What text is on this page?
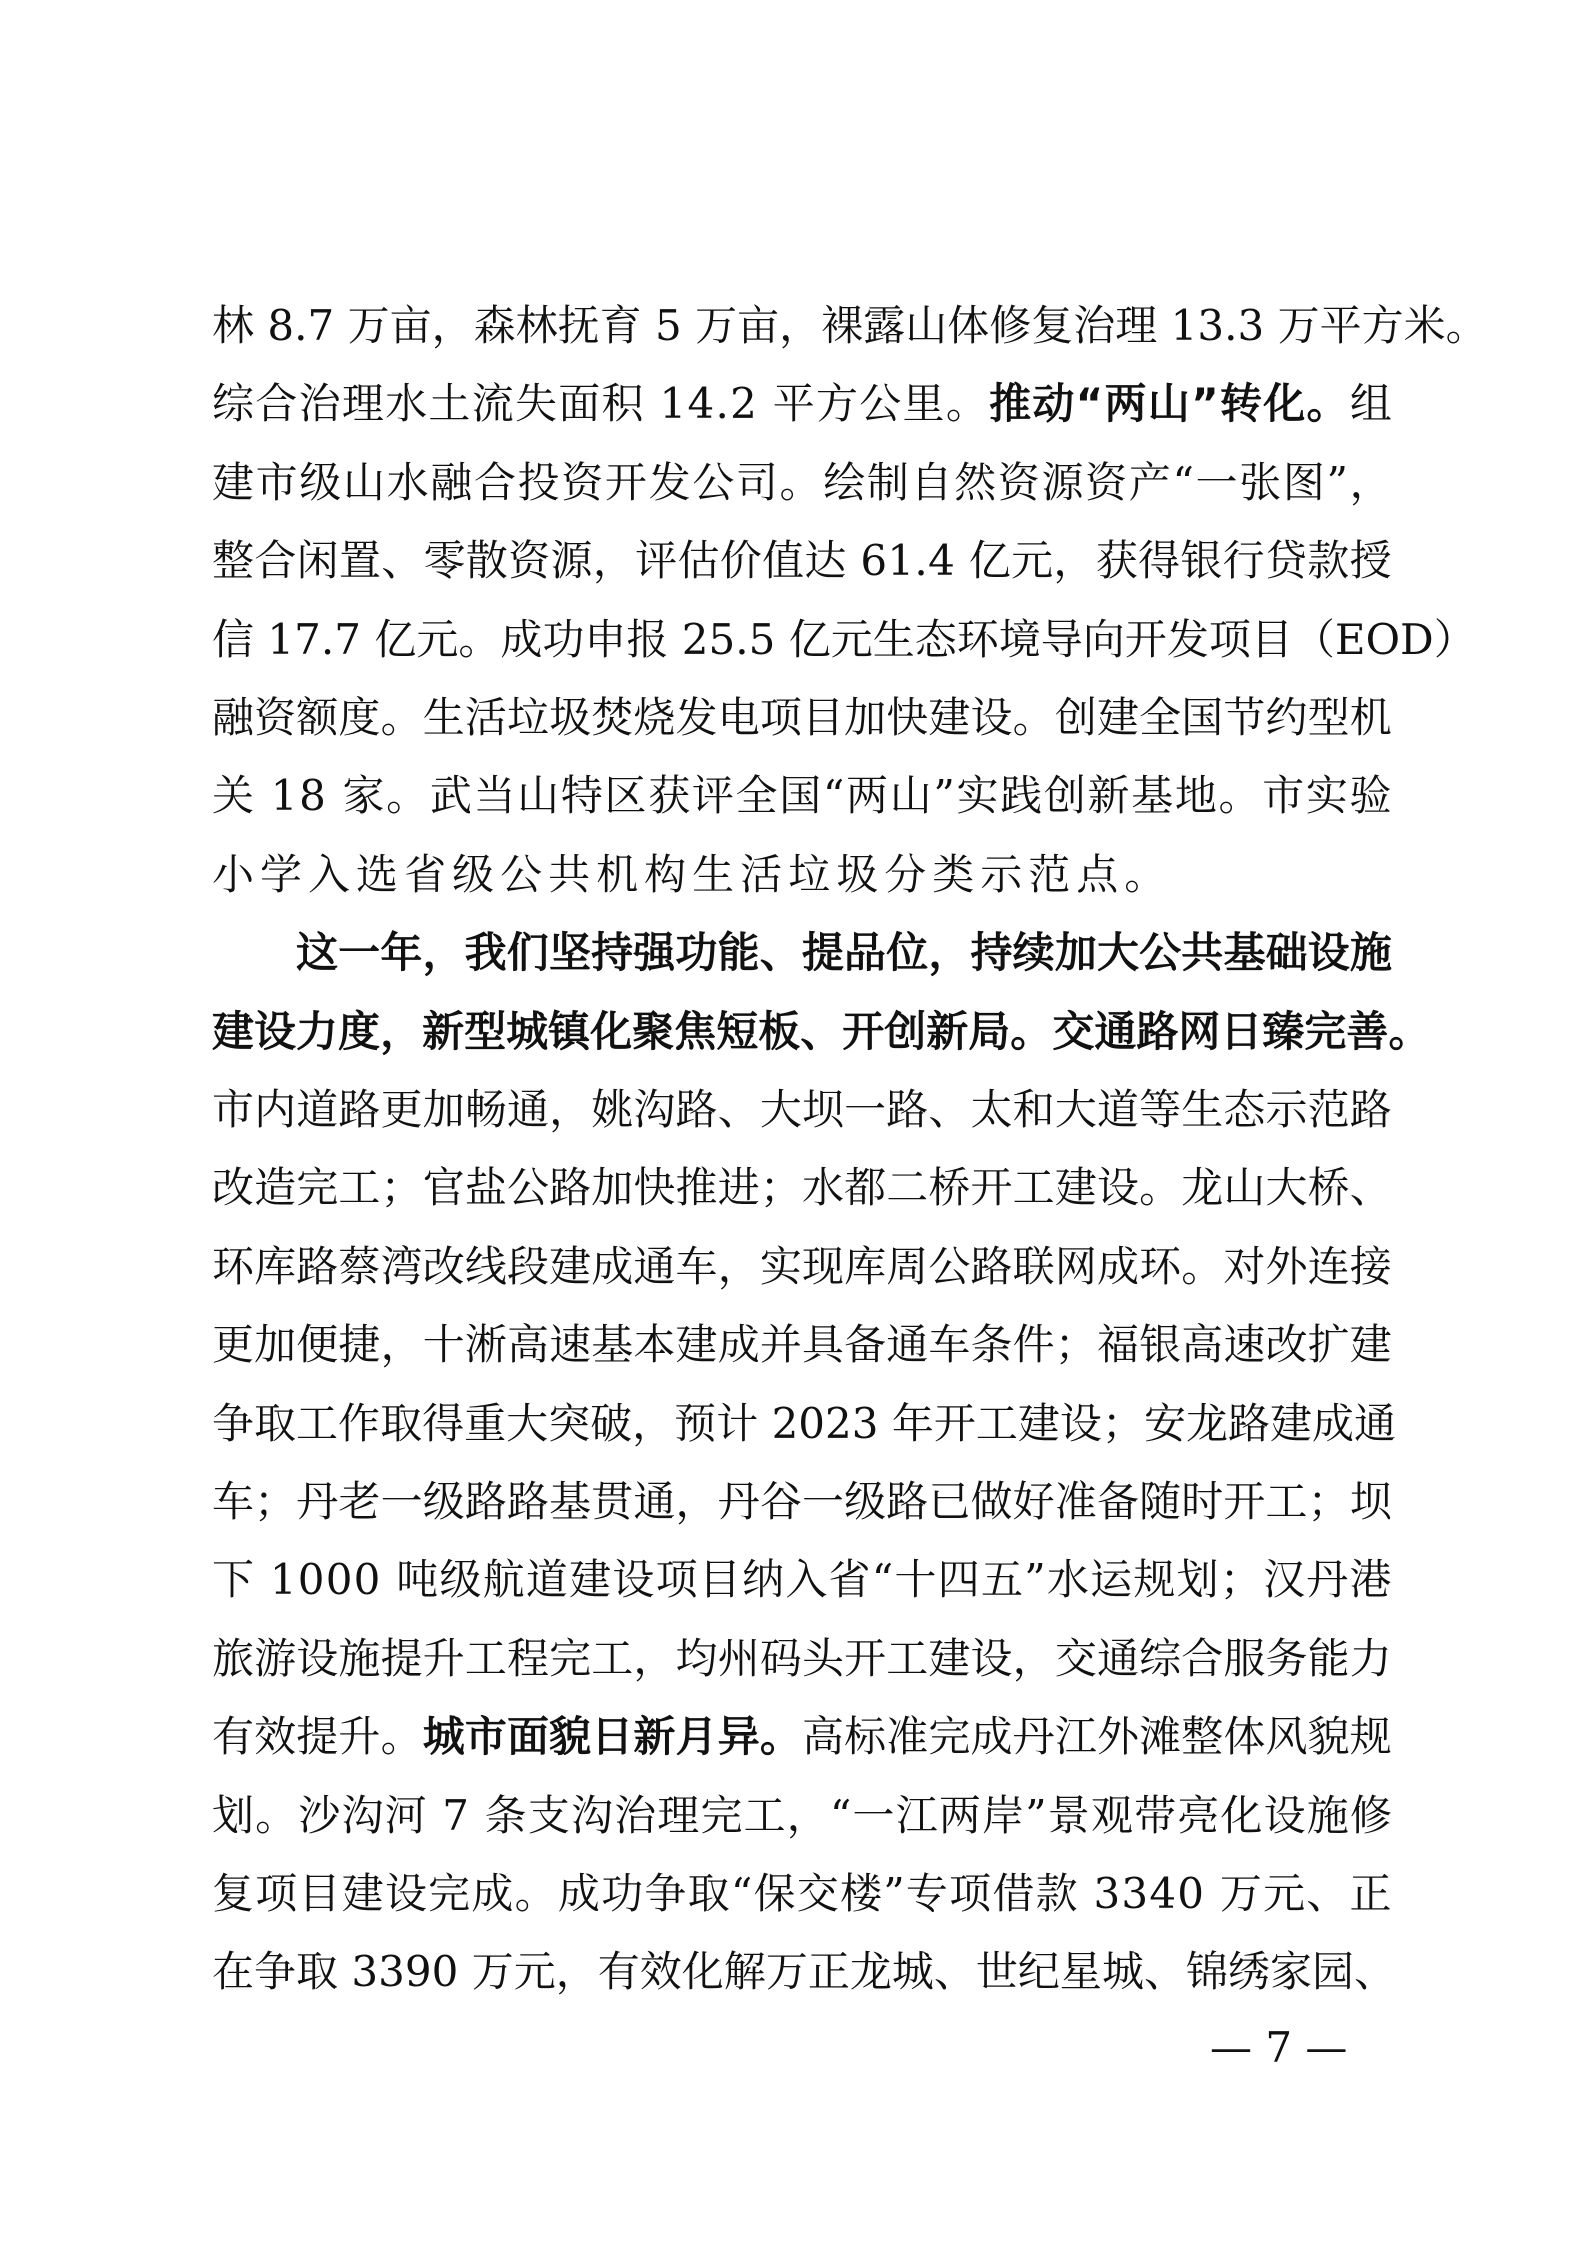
林
8 . 7
万 亩 ， 森 林 抚 育
5
万 亩 ， 裸 露 山 体 修 复 治 理
1 3 . 3
万 平 方 米 。
综 合 治 理 水 土 流 失 面 积
1 4 . 2
平 方 公 里 。 推 动 “ 两 山 ” 转 化 。 组
建 市 级 山 水 融 合 投 资 开 发 公 司 。 绘 制 自 然 资 源 资 产 “ 一 张 图 ” ，
整 合 闲 置 、 零 散 资 源 ， 评 估 价 值 达
6 1 . 4
亿 元 ， 获 得 银 行 贷 款 授
信
1 7 . 7
亿 元 。 成 功 申 报
2 5 . 5
亿 元 生 态 环 境 导 向 开 发 项 目 （ E O D ）
融 资 额 度 。 生 活 垃 圾 焚 烧 发 电 项 目 加 快 建 设 。 创 建 全 国 节 约 型 机
关
1 8
家 。 武 当 山 特 区 获 评 全 国 “ 两 山 ” 实 践 创 新 基 地 。 市 实 验
小 学 入 选 省 级 公 共 机 构 生 活 垃 圾 分 类 示 范 点 。
这 一 年 ， 我 们 坚 持 强 功 能 、 提 品 位 ， 持 续 加 大 公 共 基 础 设 施
建 设 力 度 ， 新 型 城 镇 化 聚 焦 短 板 、 开 创 新 局 。 交 通 路 网 日 臻 完 善 。
市 内 道 路 更 加 畅 通 ， 姚 沟 路 、 大 坝 一 路 、 太 和 大 道 等 生 态 示 范 路
改 造 完 工 ； 官 盐 公 路 加 快 推 进 ； 水 都 二 桥 开 工 建 设 。 龙 山 大 桥 、
环 库 路 蔡 湾 改 线 段 建 成 通 车 ， 实 现 库 周 公 路 联 网 成 环 。 对 外 连 接
更 加 便 捷 ， 十 淅 高 速 基 本 建 成 并 具 备 通 车 条 件 ； 福 银 高 速 改 扩 建
争 取 工 作 取 得 重 大 突 破 ， 预 计
2 0 2 3
年 开 工 建 设 ； 安 龙 路 建 成 通
车 ； 丹 老 一 级 路 路 基 贯 通 ， 丹 谷 一 级 路 已 做 好 准 备 随 时 开 工 ； 坝
下
1 0 0 0
吨 级 航 道 建 设 项 目 纳 入 省 “ 十 四 五 ” 水 运 规 划 ； 汉 丹 港
旅 游 设 施 提 升 工 程 完 工 ， 均 州 码 头 开 工 建 设 ， 交 通 综 合 服 务 能 力
有 效 提 升 。 城 市 面 貌 日 新 月 异 。 高 标 准 完 成 丹 江 外 滩 整 体 风 貌 规
划 。 沙 沟 河
7
条 支 沟 治 理 完 工 ， “ 一 江 两 岸 ” 景 观 带 亮 化 设 施 修
复 项 目 建 设 完 成 。 成 功 争 取 “ 保 交 楼 ” 专 项 借 款
3 3 4 0
万 元 、 正
在 争 取
3 3 9 0
万 元 ， 有 效 化 解 万 正 龙 城 、 世 纪 星 城 、 锦 绣 家 园 、
— 7 —
